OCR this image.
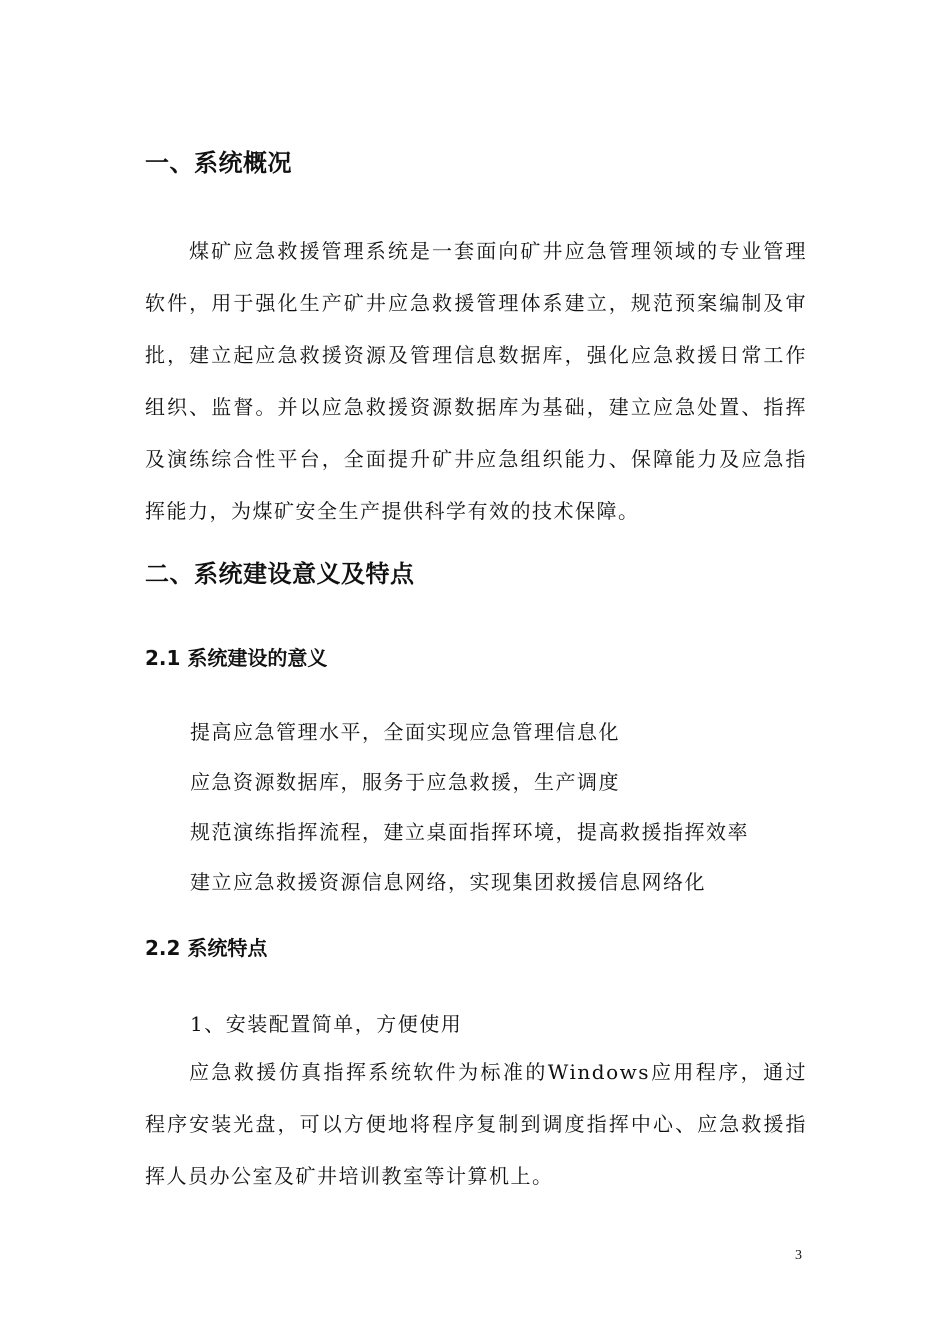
一、系统概况

煤矿应急救援管理系统是一套面向矿井应急管理领域的专业管理软件，用于强化生产矿井应急救援管理体系建立，规范预案编制及审批，建立起应急救援资源及管理信息数据库，强化应急救援日常工作组织、监督。并以应急救援资源数据库为基础，建立应急处置、指挥及演练综合性平台，全面提升矿井应急组织能力、保障能力及应急指挥能力，为煤矿安全生产提供科学有效的技术保障。

二、系统建设意义及特点
2.1 系统建设的意义
提高应急管理水平，全面实现应急管理信息化
应急资源数据库，服务于应急救援，生产调度
规范演练指挥流程，建立桌面指挥环境，提高救援指挥效率
建立应急救援资源信息网络，实现集团救援信息网络化
2.2 系统特点

1、安装配置简单，方便使用

应急救援仿真指挥系统软件为标准的Windows应用程序，通过程序安装光盘，可以方便地将程序复制到调度指挥中心、应急救援指挥人员办公室及矿井培训教室等计算机上。

3
